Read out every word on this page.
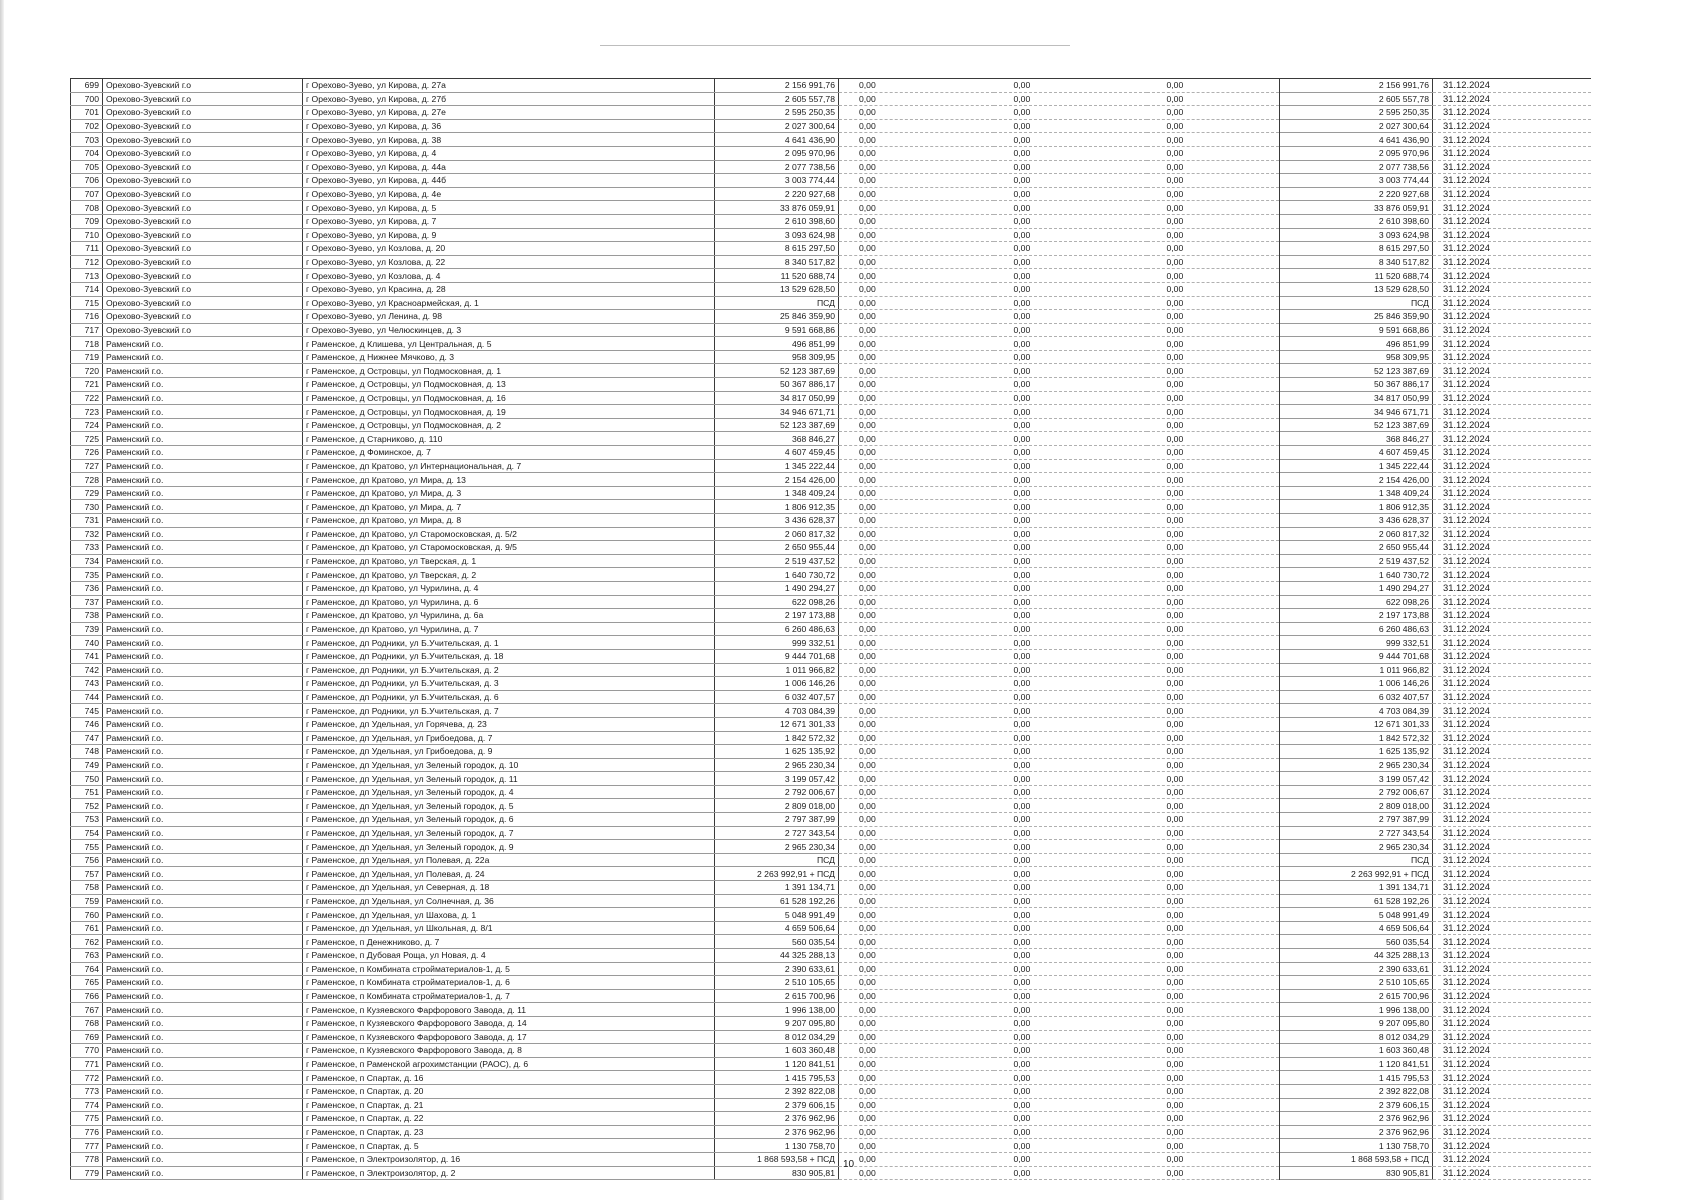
699	Орехово-Зуевский г.о	г Орехово-Зуево, ул Кирова, д. 27а	2 156 991,76	0,00	0,00	0,00	2 156 991,76	31.12.2024
700	Орехово-Зуевский г.о	г Орехово-Зуево, ул Кирова, д. 27б	2 605 557,78	0,00	0,00	0,00	2 605 557,78	31.12.2024
701	Орехово-Зуевский г.о	г Орехово-Зуево, ул Кирова, д. 27е	2 595 250,35	0,00	0,00	0,00	2 595 250,35	31.12.2024
702	Орехово-Зуевский г.о	г Орехово-Зуево, ул Кирова, д. 36	2 027 300,64	0,00	0,00	0,00	2 027 300,64	31.12.2024
703	Орехово-Зуевский г.о	г Орехово-Зуево, ул Кирова, д. 38	4 641 436,90	0,00	0,00	0,00	4 641 436,90	31.12.2024
704	Орехово-Зуевский г.о	г Орехово-Зуево, ул Кирова, д. 4	2 095 970,96	0,00	0,00	0,00	2 095 970,96	31.12.2024
705	Орехово-Зуевский г.о	г Орехово-Зуево, ул Кирова, д. 44а	2 077 738,56	0,00	0,00	0,00	2 077 738,56	31.12.2024
706	Орехово-Зуевский г.о	г Орехово-Зуево, ул Кирова, д. 44б	3 003 774,44	0,00	0,00	0,00	3 003 774,44	31.12.2024
707	Орехово-Зуевский г.о	г Орехово-Зуево, ул Кирова, д. 4е	2 220 927,68	0,00	0,00	0,00	2 220 927,68	31.12.2024
708	Орехово-Зуевский г.о	г Орехово-Зуево, ул Кирова, д. 5	33 876 059,91	0,00	0,00	0,00	33 876 059,91	31.12.2024
709	Орехово-Зуевский г.о	г Орехово-Зуево, ул Кирова, д. 7	2 610 398,60	0,00	0,00	0,00	2 610 398,60	31.12.2024
710	Орехово-Зуевский г.о	г Орехово-Зуево, ул Кирова, д. 9	3 093 624,98	0,00	0,00	0,00	3 093 624,98	31.12.2024
711	Орехово-Зуевский г.о	г Орехово-Зуево, ул Козлова, д. 20	8 615 297,50	0,00	0,00	0,00	8 615 297,50	31.12.2024
712	Орехово-Зуевский г.о	г Орехово-Зуево, ул Козлова, д. 22	8 340 517,82	0,00	0,00	0,00	8 340 517,82	31.12.2024
713	Орехово-Зуевский г.о	г Орехово-Зуево, ул Козлова, д. 4	11 520 688,74	0,00	0,00	0,00	11 520 688,74	31.12.2024
714	Орехово-Зуевский г.о	г Орехово-Зуево, ул Красина, д. 28	13 529 628,50	0,00	0,00	0,00	13 529 628,50	31.12.2024
715	Орехово-Зуевский г.о	г Орехово-Зуево, ул Красноармейская, д. 1	ПСД	0,00	0,00	0,00	ПСД	31.12.2024
716	Орехово-Зуевский г.о	г Орехово-Зуево, ул Ленина, д. 98	25 846 359,90	0,00	0,00	0,00	25 846 359,90	31.12.2024
717	Орехово-Зуевский г.о	г Орехово-Зуево, ул Челюскинцев, д. 3	9 591 668,86	0,00	0,00	0,00	9 591 668,86	31.12.2024
718	Раменский г.о.	г Раменское, д Клишева, ул Центральная, д. 5	496 851,99	0,00	0,00	0,00	496 851,99	31.12.2024
719	Раменский г.о.	г Раменское, д Нижнее Мячково, д. 3	958 309,95	0,00	0,00	0,00	958 309,95	31.12.2024
720	Раменский г.о.	г Раменское, д Островцы, ул Подмосковная, д. 1	52 123 387,69	0,00	0,00	0,00	52 123 387,69	31.12.2024
721	Раменский г.о.	г Раменское, д Островцы, ул Подмосковная, д. 13	50 367 886,17	0,00	0,00	0,00	50 367 886,17	31.12.2024
722	Раменский г.о.	г Раменское, д Островцы, ул Подмосковная, д. 16	34 817 050,99	0,00	0,00	0,00	34 817 050,99	31.12.2024
723	Раменский г.о.	г Раменское, д Островцы, ул Подмосковная, д. 19	34 946 671,71	0,00	0,00	0,00	34 946 671,71	31.12.2024
724	Раменский г.о.	г Раменское, д Островцы, ул Подмосковная, д. 2	52 123 387,69	0,00	0,00	0,00	52 123 387,69	31.12.2024
725	Раменский г.о.	г Раменское, д Старниково, д. 110	368 846,27	0,00	0,00	0,00	368 846,27	31.12.2024
726	Раменский г.о.	г Раменское, д Фоминское, д. 7	4 607 459,45	0,00	0,00	0,00	4 607 459,45	31.12.2024
727	Раменский г.о.	г Раменское, дп Кратово, ул Интернациональная, д. 7	1 345 222,44	0,00	0,00	0,00	1 345 222,44	31.12.2024
728	Раменский г.о.	г Раменское, дп Кратово, ул Мира, д. 13	2 154 426,00	0,00	0,00	0,00	2 154 426,00	31.12.2024
729	Раменский г.о.	г Раменское, дп Кратово, ул Мира, д. 3	1 348 409,24	0,00	0,00	0,00	1 348 409,24	31.12.2024
730	Раменский г.о.	г Раменское, дп Кратово, ул Мира, д. 7	1 806 912,35	0,00	0,00	0,00	1 806 912,35	31.12.2024
731	Раменский г.о.	г Раменское, дп Кратово, ул Мира, д. 8	3 436 628,37	0,00	0,00	0,00	3 436 628,37	31.12.2024
732	Раменский г.о.	г Раменское, дп Кратово, ул Старомосковская, д. 5/2	2 060 817,32	0,00	0,00	0,00	2 060 817,32	31.12.2024
733	Раменский г.о.	г Раменское, дп Кратово, ул Старомосковская, д. 9/5	2 650 955,44	0,00	0,00	0,00	2 650 955,44	31.12.2024
734	Раменский г.о.	г Раменское, дп Кратово, ул Тверская, д. 1	2 519 437,52	0,00	0,00	0,00	2 519 437,52	31.12.2024
735	Раменский г.о.	г Раменское, дп Кратово, ул Тверская, д. 2	1 640 730,72	0,00	0,00	0,00	1 640 730,72	31.12.2024
736	Раменский г.о.	г Раменское, дп Кратово, ул Чурилина, д. 4	1 490 294,27	0,00	0,00	0,00	1 490 294,27	31.12.2024
737	Раменский г.о.	г Раменское, дп Кратово, ул Чурилина, д. 6	622 098,26	0,00	0,00	0,00	622 098,26	31.12.2024
738	Раменский г.о.	г Раменское, дп Кратово, ул Чурилина, д. 6а	2 197 173,88	0,00	0,00	0,00	2 197 173,88	31.12.2024
739	Раменский г.о.	г Раменское, дп Кратово, ул Чурилина, д. 7	6 260 486,63	0,00	0,00	0,00	6 260 486,63	31.12.2024
740	Раменский г.о.	г Раменское, дп Родники, ул Б.Учительская, д. 1	999 332,51	0,00	0,00	0,00	999 332,51	31.12.2024
741	Раменский г.о.	г Раменское, дп Родники, ул Б.Учительская, д. 18	9 444 701,68	0,00	0,00	0,00	9 444 701,68	31.12.2024
742	Раменский г.о.	г Раменское, дп Родники, ул Б.Учительская, д. 2	1 011 966,82	0,00	0,00	0,00	1 011 966,82	31.12.2024
743	Раменский г.о.	г Раменское, дп Родники, ул Б.Учительская, д. 3	1 006 146,26	0,00	0,00	0,00	1 006 146,26	31.12.2024
744	Раменский г.о.	г Раменское, дп Родники, ул Б.Учительская, д. 6	6 032 407,57	0,00	0,00	0,00	6 032 407,57	31.12.2024
745	Раменский г.о.	г Раменское, дп Родники, ул Б.Учительская, д. 7	4 703 084,39	0,00	0,00	0,00	4 703 084,39	31.12.2024
746	Раменский г.о.	г Раменское, дп Удельная, ул Горячева, д. 23	12 671 301,33	0,00	0,00	0,00	12 671 301,33	31.12.2024
747	Раменский г.о.	г Раменское, дп Удельная, ул Грибоедова, д. 7	1 842 572,32	0,00	0,00	0,00	1 842 572,32	31.12.2024
748	Раменский г.о.	г Раменское, дп Удельная, ул Грибоедова, д. 9	1 625 135,92	0,00	0,00	0,00	1 625 135,92	31.12.2024
749	Раменский г.о.	г Раменское, дп Удельная, ул Зеленый городок, д. 10	2 965 230,34	0,00	0,00	0,00	2 965 230,34	31.12.2024
750	Раменский г.о.	г Раменское, дп Удельная, ул Зеленый городок, д. 11	3 199 057,42	0,00	0,00	0,00	3 199 057,42	31.12.2024
751	Раменский г.о.	г Раменское, дп Удельная, ул Зеленый городок, д. 4	2 792 006,67	0,00	0,00	0,00	2 792 006,67	31.12.2024
752	Раменский г.о.	г Раменское, дп Удельная, ул Зеленый городок, д. 5	2 809 018,00	0,00	0,00	0,00	2 809 018,00	31.12.2024
753	Раменский г.о.	г Раменское, дп Удельная, ул Зеленый городок, д. 6	2 797 387,99	0,00	0,00	0,00	2 797 387,99	31.12.2024
754	Раменский г.о.	г Раменское, дп Удельная, ул Зеленый городок, д. 7	2 727 343,54	0,00	0,00	0,00	2 727 343,54	31.12.2024
755	Раменский г.о.	г Раменское, дп Удельная, ул Зеленый городок, д. 9	2 965 230,34	0,00	0,00	0,00	2 965 230,34	31.12.2024
756	Раменский г.о.	г Раменское, дп Удельная, ул Полевая, д. 22а	ПСД	0,00	0,00	0,00	ПСД	31.12.2024
757	Раменский г.о.	г Раменское, дп Удельная, ул Полевая, д. 24	2 263 992,91 + ПСД	0,00	0,00	0,00	2 263 992,91 + ПСД	31.12.2024
758	Раменский г.о.	г Раменское, дп Удельная, ул Северная, д. 18	1 391 134,71	0,00	0,00	0,00	1 391 134,71	31.12.2024
759	Раменский г.о.	г Раменское, дп Удельная, ул Солнечная, д. 36	61 528 192,26	0,00	0,00	0,00	61 528 192,26	31.12.2024
760	Раменский г.о.	г Раменское, дп Удельная, ул Шахова, д. 1	5 048 991,49	0,00	0,00	0,00	5 048 991,49	31.12.2024
761	Раменский г.о.	г Раменское, дп Удельная, ул Школьная, д. 8/1	4 659 506,64	0,00	0,00	0,00	4 659 506,64	31.12.2024
762	Раменский г.о.	г Раменское, п Денежниково, д. 7	560 035,54	0,00	0,00	0,00	560 035,54	31.12.2024
763	Раменский г.о.	г Раменское, п Дубовая Роща, ул Новая, д. 4	44 325 288,13	0,00	0,00	0,00	44 325 288,13	31.12.2024
764	Раменский г.о.	г Раменское, п Комбината стройматериалов-1, д. 5	2 390 633,61	0,00	0,00	0,00	2 390 633,61	31.12.2024
765	Раменский г.о.	г Раменское, п Комбината стройматериалов-1, д. 6	2 510 105,65	0,00	0,00	0,00	2 510 105,65	31.12.2024
766	Раменский г.о.	г Раменское, п Комбината стройматериалов-1, д. 7	2 615 700,96	0,00	0,00	0,00	2 615 700,96	31.12.2024
767	Раменский г.о.	г Раменское, п Кузяевского Фарфорового Завода, д. 11	1 996 138,00	0,00	0,00	0,00	1 996 138,00	31.12.2024
768	Раменский г.о.	г Раменское, п Кузяевского Фарфорового Завода, д. 14	9 207 095,80	0,00	0,00	0,00	9 207 095,80	31.12.2024
769	Раменский г.о.	г Раменское, п Кузяевского Фарфорового Завода, д. 17	8 012 034,29	0,00	0,00	0,00	8 012 034,29	31.12.2024
770	Раменский г.о.	г Раменское, п Кузяевского Фарфорового Завода, д. 8	1 603 360,48	0,00	0,00	0,00	1 603 360,48	31.12.2024
771	Раменский г.о.	г Раменское, п Раменской агрохимстанции (РАОС), д. 6	1 120 841,51	0,00	0,00	0,00	1 120 841,51	31.12.2024
772	Раменский г.о.	г Раменское, п Спартак, д. 16	1 415 795,53	0,00	0,00	0,00	1 415 795,53	31.12.2024
773	Раменский г.о.	г Раменское, п Спартак, д. 20	2 392 822,08	0,00	0,00	0,00	2 392 822,08	31.12.2024
774	Раменский г.о.	г Раменское, п Спартак, д. 21	2 379 606,15	0,00	0,00	0,00	2 379 606,15	31.12.2024
775	Раменский г.о.	г Раменское, п Спартак, д. 22	2 376 962,96	0,00	0,00	0,00	2 376 962,96	31.12.2024
776	Раменский г.о.	г Раменское, п Спартак, д. 23	2 376 962,96	0,00	0,00	0,00	2 376 962,96	31.12.2024
777	Раменский г.о.	г Раменское, п Спартак, д. 5	1 130 758,70	0,00	0,00	0,00	1 130 758,70	31.12.2024
778	Раменский г.о.	г Раменское, п Электроизолятор, д. 16	1 868 593,58 + ПСД	0,00	0,00	0,00	1 868 593,58 + ПСД	31.12.2024
779	Раменский г.о.	г Раменское, п Электроизолятор, д. 2	830 905,81	0,00	0,00	0,00	830 905,81	31.12.2024
10
